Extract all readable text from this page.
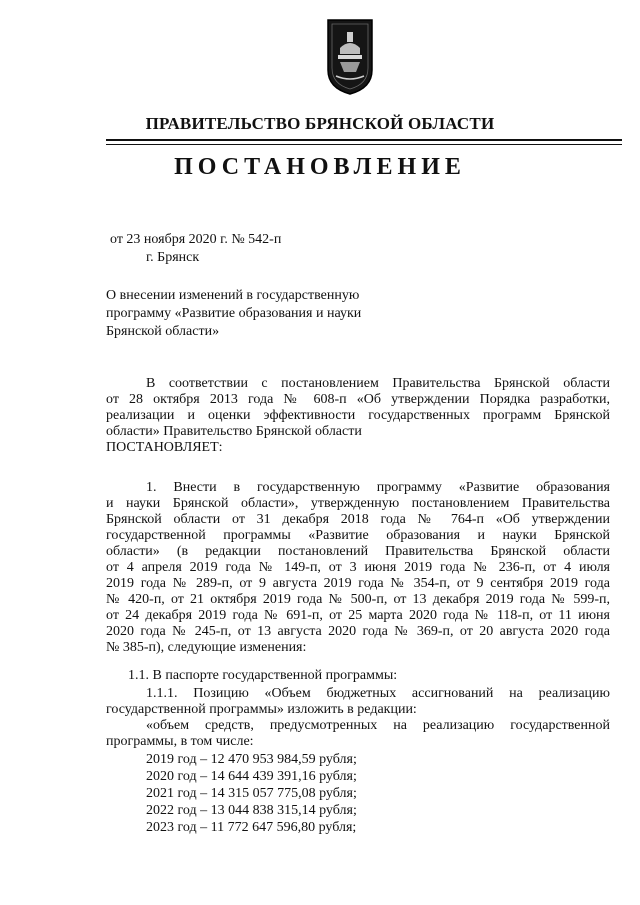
ПРАВИТЕЛЬСТВО БРЯНСКОЙ ОБЛАСТИ
ПОСТАНОВЛЕНИЕ
от 23 ноября 2020 г. № 542-п
г. Брянск
О внесении изменений в государственную
программу «Развитие образования и науки
Брянской области»
В соответствии с постановлением Правительства Брянской области
от 28 октября 2013 года № 608-п «Об утверждении Порядка разработки,
реализации и оценки эффективности государственных программ Брянской
области» Правительство Брянской области
ПОСТАНОВЛЯЕТ:
1. Внести в государственную программу «Развитие образования
и науки Брянской области», утвержденную постановлением Правительства
Брянской области от 31 декабря 2018 года № 764-п «Об утверждении
государственной программы «Развитие образования и науки Брянской
области» (в редакции постановлений Правительства Брянской области
от 4 апреля 2019 года № 149-п, от 3 июня 2019 года № 236-п, от 4 июля
2019 года № 289-п, от 9 августа 2019 года № 354-п, от 9 сентября 2019 года
№ 420-п, от 21 октября 2019 года № 500-п, от 13 декабря 2019 года № 599-п,
от 24 декабря 2019 года № 691-п, от 25 марта 2020 года № 118-п, от 11 июня
2020 года № 245-п, от 13 августа 2020 года № 369-п, от 20 августа 2020 года
№ 385-п), следующие изменения:
1.1. В паспорте государственной программы:
1.1.1. Позицию «Объем бюджетных ассигнований на реализацию
государственной программы» изложить в редакции:
«объем средств, предусмотренных на реализацию государственной
программы, в том числе:
2019 год – 12 470 953 984,59 рубля;
2020 год – 14 644 439 391,16 рубля;
2021 год – 14 315 057 775,08 рубля;
2022 год – 13 044 838 315,14 рубля;
2023 год – 11 772 647 596,80 рубля;
